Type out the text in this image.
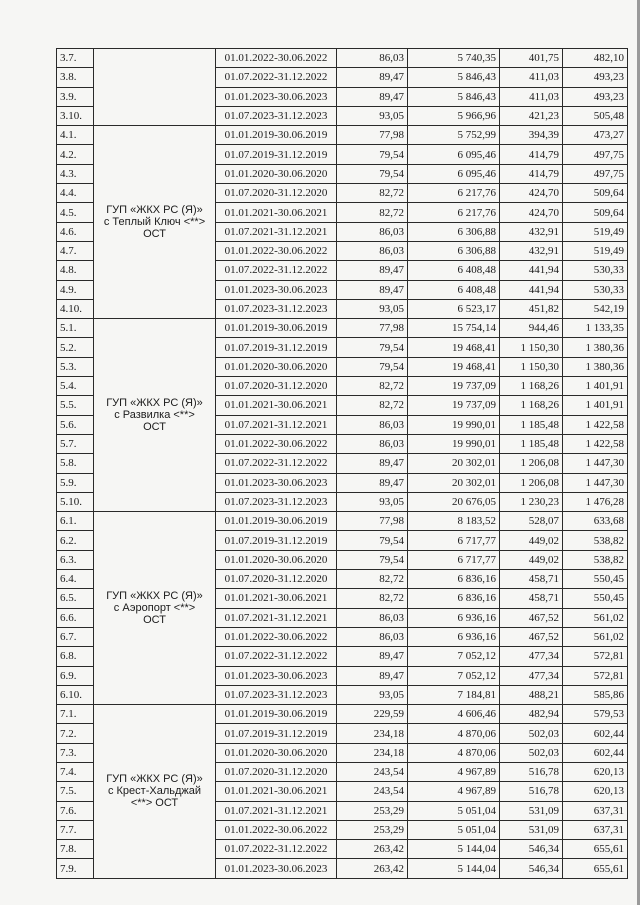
3.7.		01.01.2022-30.06.2022	86,03	5 740,35	401,75	482,10
3.8.		01.07.2022-31.12.2022	89,47	5 846,43	411,03	493,23
3.9.		01.01.2023-30.06.2023	89,47	5 846,43	411,03	493,23
3.10.		01.07.2023-31.12.2023	93,05	5 966,96	421,23	505,48
4.1.	ГУП «ЖКХ РС (Я)»
с Теплый Ключ <**>
ОСТ	01.01.2019-30.06.2019	77,98	5 752,99	394,39	473,27
4.2.		01.07.2019-31.12.2019	79,54	6 095,46	414,79	497,75
4.3.		01.01.2020-30.06.2020	79,54	6 095,46	414,79	497,75
4.4.		01.07.2020-31.12.2020	82,72	6 217,76	424,70	509,64
4.5.		01.01.2021-30.06.2021	82,72	6 217,76	424,70	509,64
4.6.		01.07.2021-31.12.2021	86,03	6 306,88	432,91	519,49
4.7.		01.01.2022-30.06.2022	86,03	6 306,88	432,91	519,49
4.8.		01.07.2022-31.12.2022	89,47	6 408,48	441,94	530,33
4.9.		01.01.2023-30.06.2023	89,47	6 408,48	441,94	530,33
4.10.		01.07.2023-31.12.2023	93,05	6 523,17	451,82	542,19
5.1.	ГУП «ЖКХ РС (Я)»
с Развилка <**>
ОСТ	01.01.2019-30.06.2019	77,98	15 754,14	944,46	1 133,35
5.2.		01.07.2019-31.12.2019	79,54	19 468,41	1 150,30	1 380,36
5.3.		01.01.2020-30.06.2020	79,54	19 468,41	1 150,30	1 380,36
5.4.		01.07.2020-31.12.2020	82,72	19 737,09	1 168,26	1 401,91
5.5.		01.01.2021-30.06.2021	82,72	19 737,09	1 168,26	1 401,91
5.6.		01.07.2021-31.12.2021	86,03	19 990,01	1 185,48	1 422,58
5.7.		01.01.2022-30.06.2022	86,03	19 990,01	1 185,48	1 422,58
5.8.		01.07.2022-31.12.2022	89,47	20 302,01	1 206,08	1 447,30
5.9.		01.01.2023-30.06.2023	89,47	20 302,01	1 206,08	1 447,30
5.10.		01.07.2023-31.12.2023	93,05	20 676,05	1 230,23	1 476,28
6.1.	ГУП «ЖКХ РС (Я)»
с Аэропорт <**>
ОСТ	01.01.2019-30.06.2019	77,98	8 183,52	528,07	633,68
6.2.		01.07.2019-31.12.2019	79,54	6 717,77	449,02	538,82
6.3.		01.01.2020-30.06.2020	79,54	6 717,77	449,02	538,82
6.4.		01.07.2020-31.12.2020	82,72	6 836,16	458,71	550,45
6.5.		01.01.2021-30.06.2021	82,72	6 836,16	458,71	550,45
6.6.		01.07.2021-31.12.2021	86,03	6 936,16	467,52	561,02
6.7.		01.01.2022-30.06.2022	86,03	6 936,16	467,52	561,02
6.8.		01.07.2022-31.12.2022	89,47	7 052,12	477,34	572,81
6.9.		01.01.2023-30.06.2023	89,47	7 052,12	477,34	572,81
6.10.		01.07.2023-31.12.2023	93,05	7 184,81	488,21	585,86
7.1.	ГУП «ЖКХ РС (Я)»
с Крест-Хальджай
<**> ОСТ	01.01.2019-30.06.2019	229,59	4 606,46	482,94	579,53
7.2.		01.07.2019-31.12.2019	234,18	4 870,06	502,03	602,44
7.3.		01.01.2020-30.06.2020	234,18	4 870,06	502,03	602,44
7.4.		01.07.2020-31.12.2020	243,54	4 967,89	516,78	620,13
7.5.		01.01.2021-30.06.2021	243,54	4 967,89	516,78	620,13
7.6.		01.07.2021-31.12.2021	253,29	5 051,04	531,09	637,31
7.7.		01.01.2022-30.06.2022	253,29	5 051,04	531,09	637,31
7.8.		01.07.2022-31.12.2022	263,42	5 144,04	546,34	655,61
7.9.		01.01.2023-30.06.2023	263,42	5 144,04	546,34	655,61
